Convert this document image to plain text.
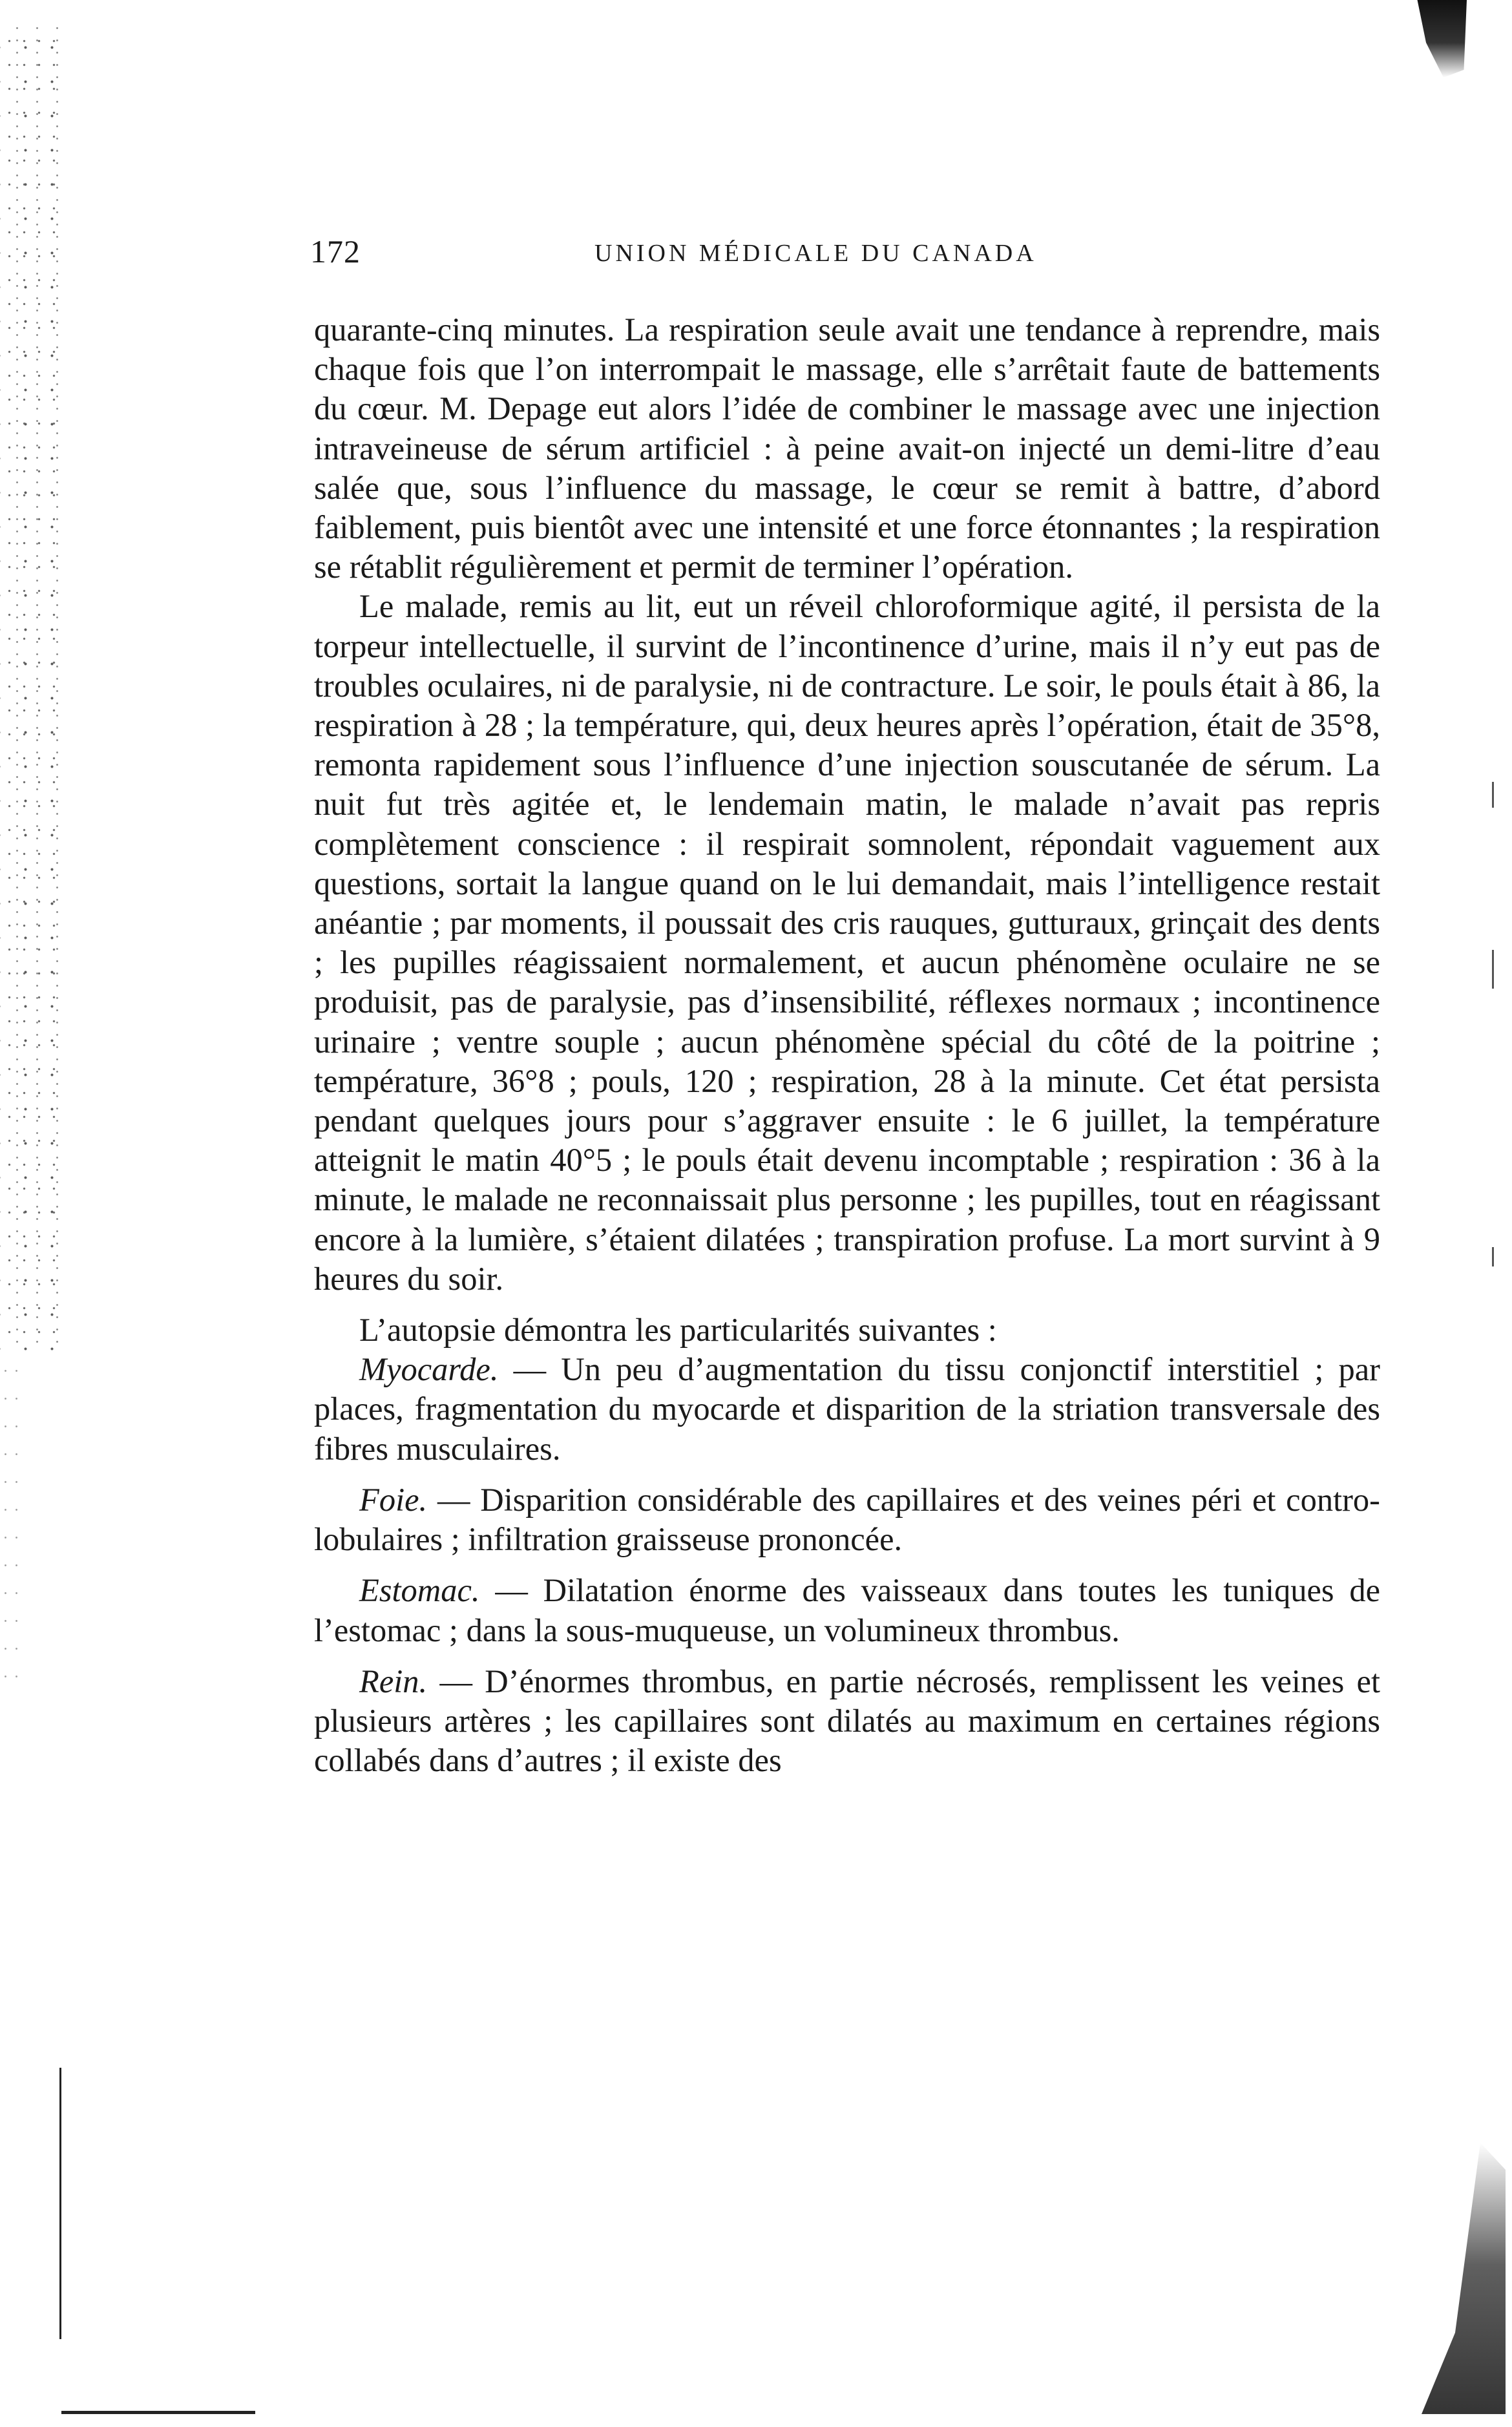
172	UNION MÉDICALE DU CANADA

quarante-cinq minutes. La respiration seule avait une tendance à reprendre, mais chaque fois que l’on interrompait le massage, elle s’arrêtait faute de battements du cœur. M. Depage eut alors l’idée de combiner le massage avec une injection intraveineuse de sérum artificiel : à peine avait-on injecté un demi-litre d’eau salée que, sous l’influence du massage, le cœur se remit à battre, d’abord faiblement, puis bientôt avec une intensité et une force étonnantes ; la respiration se rétablit régulièrement et permit de terminer l’opération.

Le malade, remis au lit, eut un réveil chloroformique agité, il persista de la torpeur intellectuelle, il survint de l’incontinence d’urine, mais il n’y eut pas de troubles oculaires, ni de paralysie, ni de contracture. Le soir, le pouls était à 86, la respiration à 28 ; la température, qui, deux heures après l’opération, était de 35°8, remonta rapidement sous l’influence d’une injection souscutanée de sérum. La nuit fut très agitée et, le lendemain matin, le malade n’avait pas repris complètement conscience : il respirait somnolent, répondait vaguement aux questions, sortait la langue quand on le lui demandait, mais l’intelligence restait anéantie ; par moments, il poussait des cris rauques, gutturaux, grinçait des dents ; les pupilles réagissaient normalement, et aucun phénomène oculaire ne se produisit, pas de paralysie, pas d’insensibilité, réflexes normaux ; incontinence urinaire ; ventre souple ; aucun phénomène spécial du côté de la poitrine ; température, 36°8 ; pouls, 120 ; respiration, 28 à la minute. Cet état persista pendant quelques jours pour s’aggraver ensuite : le 6 juillet, la température atteignit le matin 40°5 ; le pouls était devenu incomptable ; respiration : 36 à la minute, le malade ne reconnaissait plus personne ; les pupilles, tout en réagissant encore à la lumière, s’étaient dilatées ; transpiration profuse. La mort survint à 9 heures du soir.

L’autopsie démontra les particularités suivantes :

Myocarde. — Un peu d’augmentation du tissu conjonctif interstitiel ; par places, fragmentation du myocarde et disparition de la striation transversale des fibres musculaires.

Foie. — Disparition considérable des capillaires et des veines péri et contro-lobulaires ; infiltration graisseuse prononcée.

Estomac. — Dilatation énorme des vaisseaux dans toutes les tuniques de l’estomac ; dans la sous-muqueuse, un volumineux thrombus.

Rein. — D’énormes thrombus, en partie nécrosés, remplissent les veines et plusieurs artères ; les capillaires sont dilatés au maximum en certaines régions collabés dans d’autres ; il existe des
